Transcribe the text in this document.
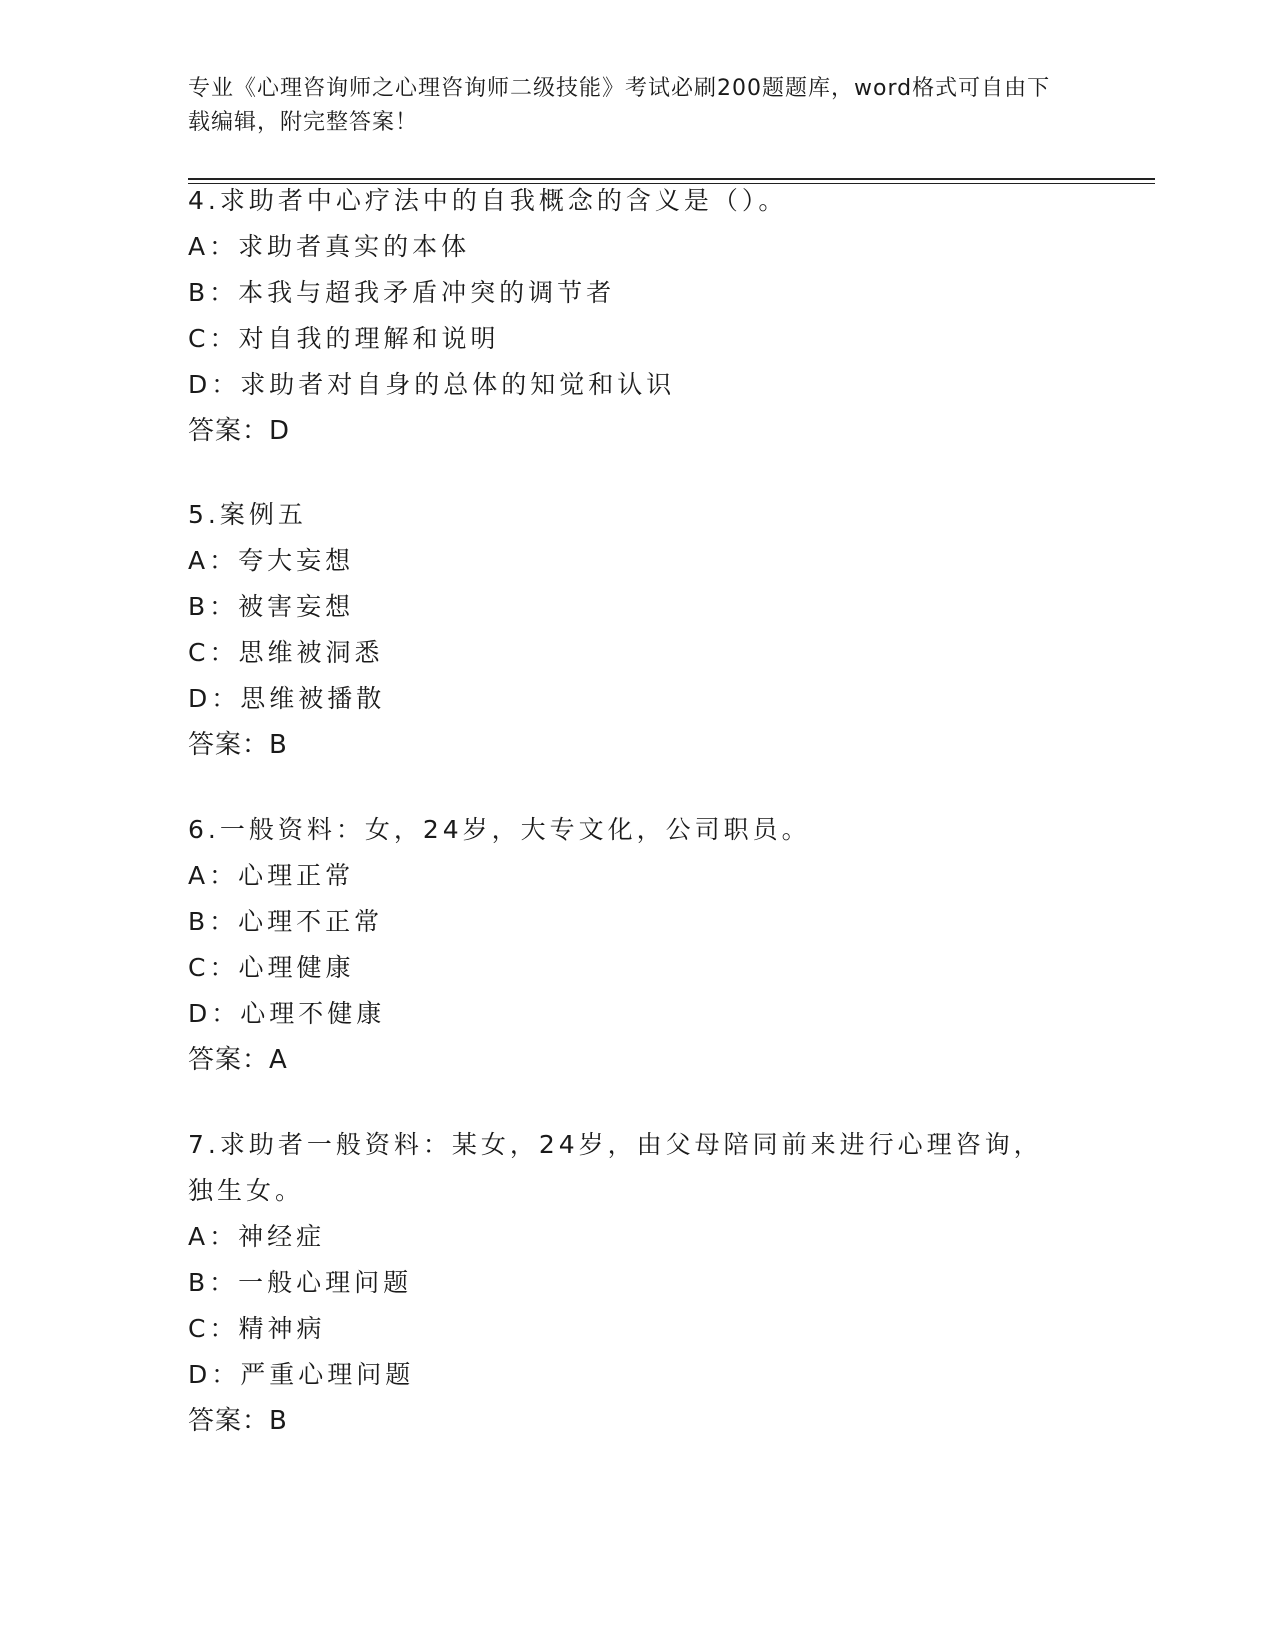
专业《心理咨询师之心理咨询师二级技能》考试必刷200题题库，word格式可自由下载编辑，附完整答案！
4.求助者中心疗法中的自我概念的含义是（）。
A：求助者真实的本体
B：本我与超我矛盾冲突的调节者
C：对自我的理解和说明
D：求助者对自身的总体的知觉和认识
答案：D
5.案例五
A：夸大妄想
B：被害妄想
C：思维被洞悉
D：思维被播散
答案：B
6.一般资料：女，24岁，大专文化，公司职员。
A：心理正常
B：心理不正常
C：心理健康
D：心理不健康
答案：A
7.求助者一般资料：某女，24岁，由父母陪同前来进行心理咨询，独生女。
A：神经症
B：一般心理问题
C：精神病
D：严重心理问题
答案：B
